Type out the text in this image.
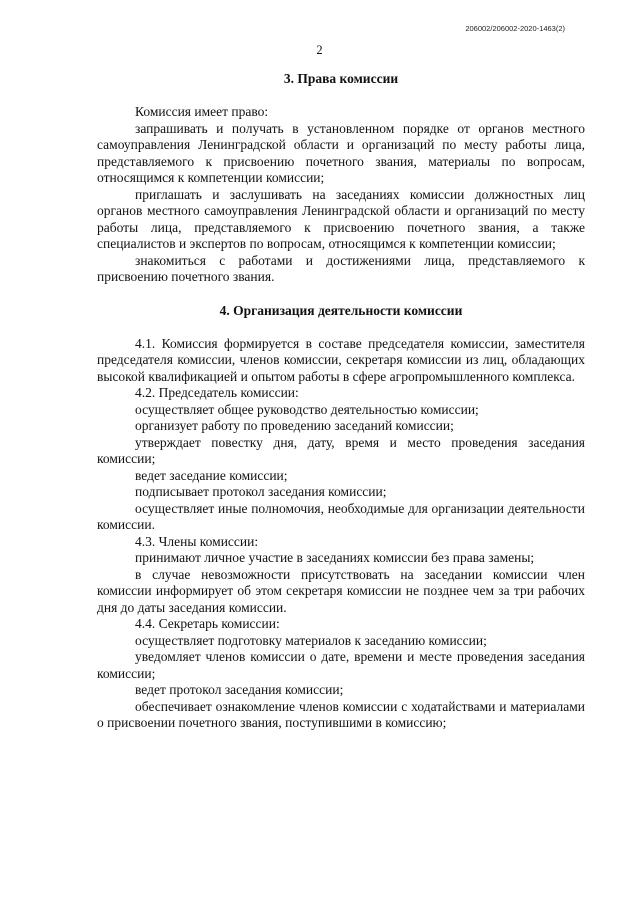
206002/206002-2020-1463(2)
2
3. Права комиссии

Комиссия имеет право:

запрашивать и получать в установленном порядке от органов местного самоуправления Ленинградской области и организаций по месту работы лица, представляемого к присвоению почетного звания, материалы по вопросам, относящимся к компетенции комиссии;

приглашать и заслушивать на заседаниях комиссии должностных лиц органов местного самоуправления Ленинградской области и организаций по месту работы лица, представляемого к присвоению почетного звания, а также специалистов и экспертов по вопросам, относящимся к компетенции комиссии;

знакомиться с работами и достижениями лица, представляемого к присвоению почетного звания.

4. Организация деятельности комиссии

4.1. Комиссия формируется в составе председателя комиссии, заместителя председателя комиссии, членов комиссии, секретаря комиссии из лиц, обладающих высокой квалификацией и опытом работы в сфере агропромышленного комплекса.

4.2. Председатель комиссии:

осуществляет общее руководство деятельностью комиссии;

организует работу по проведению заседаний комиссии;

утверждает повестку дня, дату, время и место проведения заседания комиссии;

ведет заседание комиссии;

подписывает протокол заседания комиссии;

осуществляет иные полномочия, необходимые для организации деятельности комиссии.

4.3. Члены комиссии:

принимают личное участие в заседаниях комиссии без права замены;

в случае невозможности присутствовать на заседании комиссии член комиссии информирует об этом секретаря комиссии не позднее чем за три рабочих дня до даты заседания комиссии.

4.4. Секретарь комиссии:

осуществляет подготовку материалов к заседанию комиссии;

уведомляет членов комиссии о дате, времени и месте проведения заседания комиссии;

ведет протокол заседания комиссии;

обеспечивает ознакомление членов комиссии с ходатайствами и материалами о присвоении почетного звания, поступившими в комиссию;
